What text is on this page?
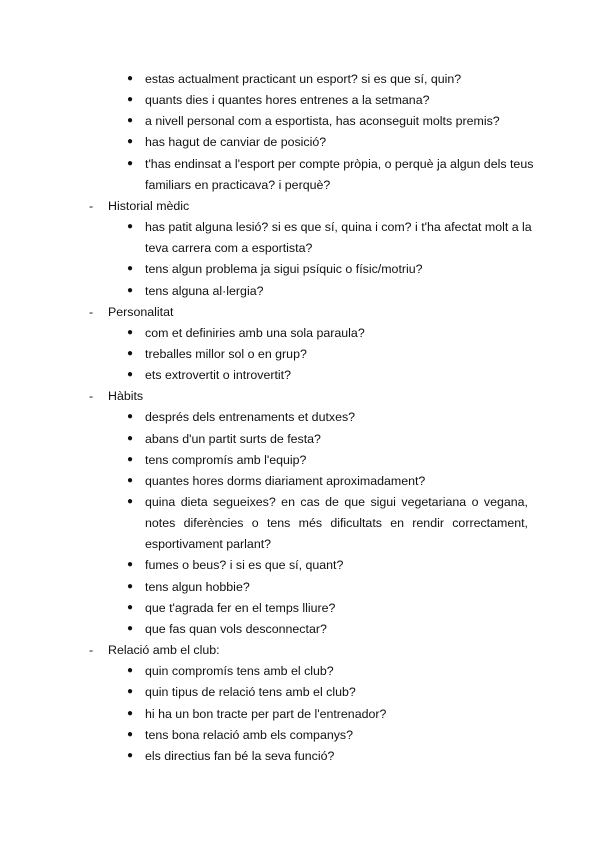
● estas actualment practicant un esport? si es que sí, quin?
● quants dies i quantes hores entrenes a la setmana?
● a nivell personal com a esportista, has aconseguit molts premis?
● has hagut de canviar de posició?
● t'has endinsat a l'esport per compte pròpia, o perquè ja algun dels teus
familiars en practicava? i perquè?
- Historial mèdic
● has patit alguna lesió? si es que sí, quina i com? i t'ha afectat molt a la
teva carrera com a esportista?
● tens algun problema ja sigui psíquic o físic/motriu?
● tens alguna al·lergia?
- Personalitat
● com et definiries amb una sola paraula?
● treballes millor sol o en grup?
● ets extrovertit o introvertit?
- Hàbits
● després dels entrenaments et dutxes?
● abans d'un partit surts de festa?
● tens compromís amb l'equip?
● quantes hores dorms diariament aproximadament?
● quina dieta segueixes? en cas de que sigui vegetariana o vegana,
notes diferències o tens més dificultats en rendir correctament,
esportivament parlant?
● fumes o beus? i si es que sí, quant?
● tens algun hobbie?
● que t'agrada fer en el temps lliure?
● que fas quan vols desconnectar?
- Relació amb el club:
● quin compromís tens amb el club?
● quin tipus de relació tens amb el club?
● hi ha un bon tracte per part de l'entrenador?
● tens bona relació amb els companys?
● els directius fan bé la seva funció?
